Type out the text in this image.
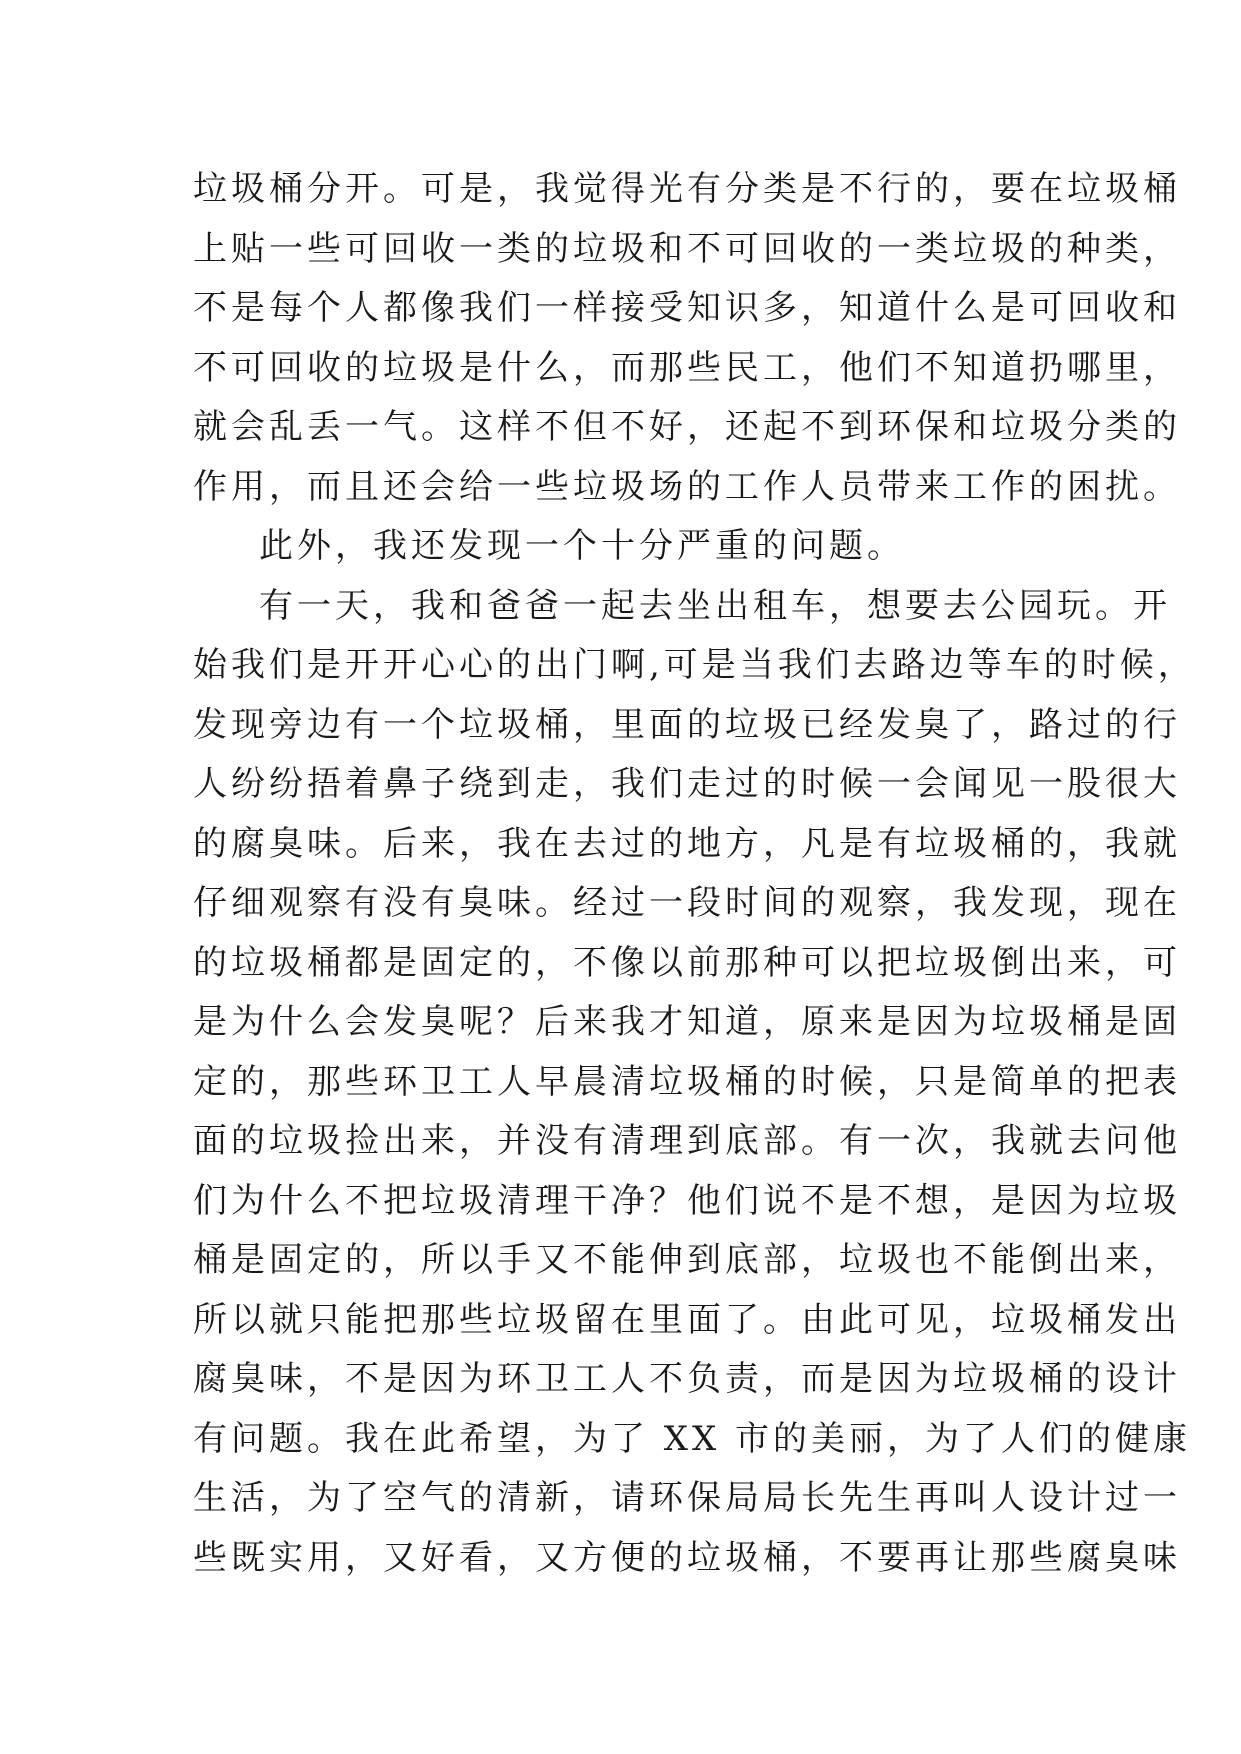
垃圾桶分开。可是，我觉得光有分类是不行的，要在垃圾桶
上贴一些可回收一类的垃圾和不可回收的一类垃圾的种类，
不是每个人都像我们一样接受知识多，知道什么是可回收和
不可回收的垃圾是什么，而那些民工，他们不知道扔哪里，
就会乱丢一气。这样不但不好，还起不到环保和垃圾分类的
作用，而且还会给一些垃圾场的工作人员带来工作的困扰。
此外，我还发现一个十分严重的问题。
有一天，我和爸爸一起去坐出租车，想要去公园玩。开
始我们是开开心心的出门啊,可是当我们去路边等车的时候，
发现旁边有一个垃圾桶，里面的垃圾已经发臭了，路过的行
人纷纷捂着鼻子绕到走，我们走过的时候一会闻见一股很大
的腐臭味。后来，我在去过的地方，凡是有垃圾桶的，我就
仔细观察有没有臭味。经过一段时间的观察，我发现，现在
的垃圾桶都是固定的，不像以前那种可以把垃圾倒出来，可
是为什么会发臭呢？后来我才知道，原来是因为垃圾桶是固
定的，那些环卫工人早晨清垃圾桶的时候，只是简单的把表
面的垃圾捡出来，并没有清理到底部。有一次，我就去问他
们为什么不把垃圾清理干净？他们说不是不想，是因为垃圾
桶是固定的，所以手又不能伸到底部，垃圾也不能倒出来，
所以就只能把那些垃圾留在里面了。由此可见，垃圾桶发出
腐臭味，不是因为环卫工人不负责，而是因为垃圾桶的设计
有问题。我在此希望，为了 XX 市的美丽，为了人们的健康
生活，为了空气的清新，请环保局局长先生再叫人设计过一
些既实用，又好看，又方便的垃圾桶，不要再让那些腐臭味
